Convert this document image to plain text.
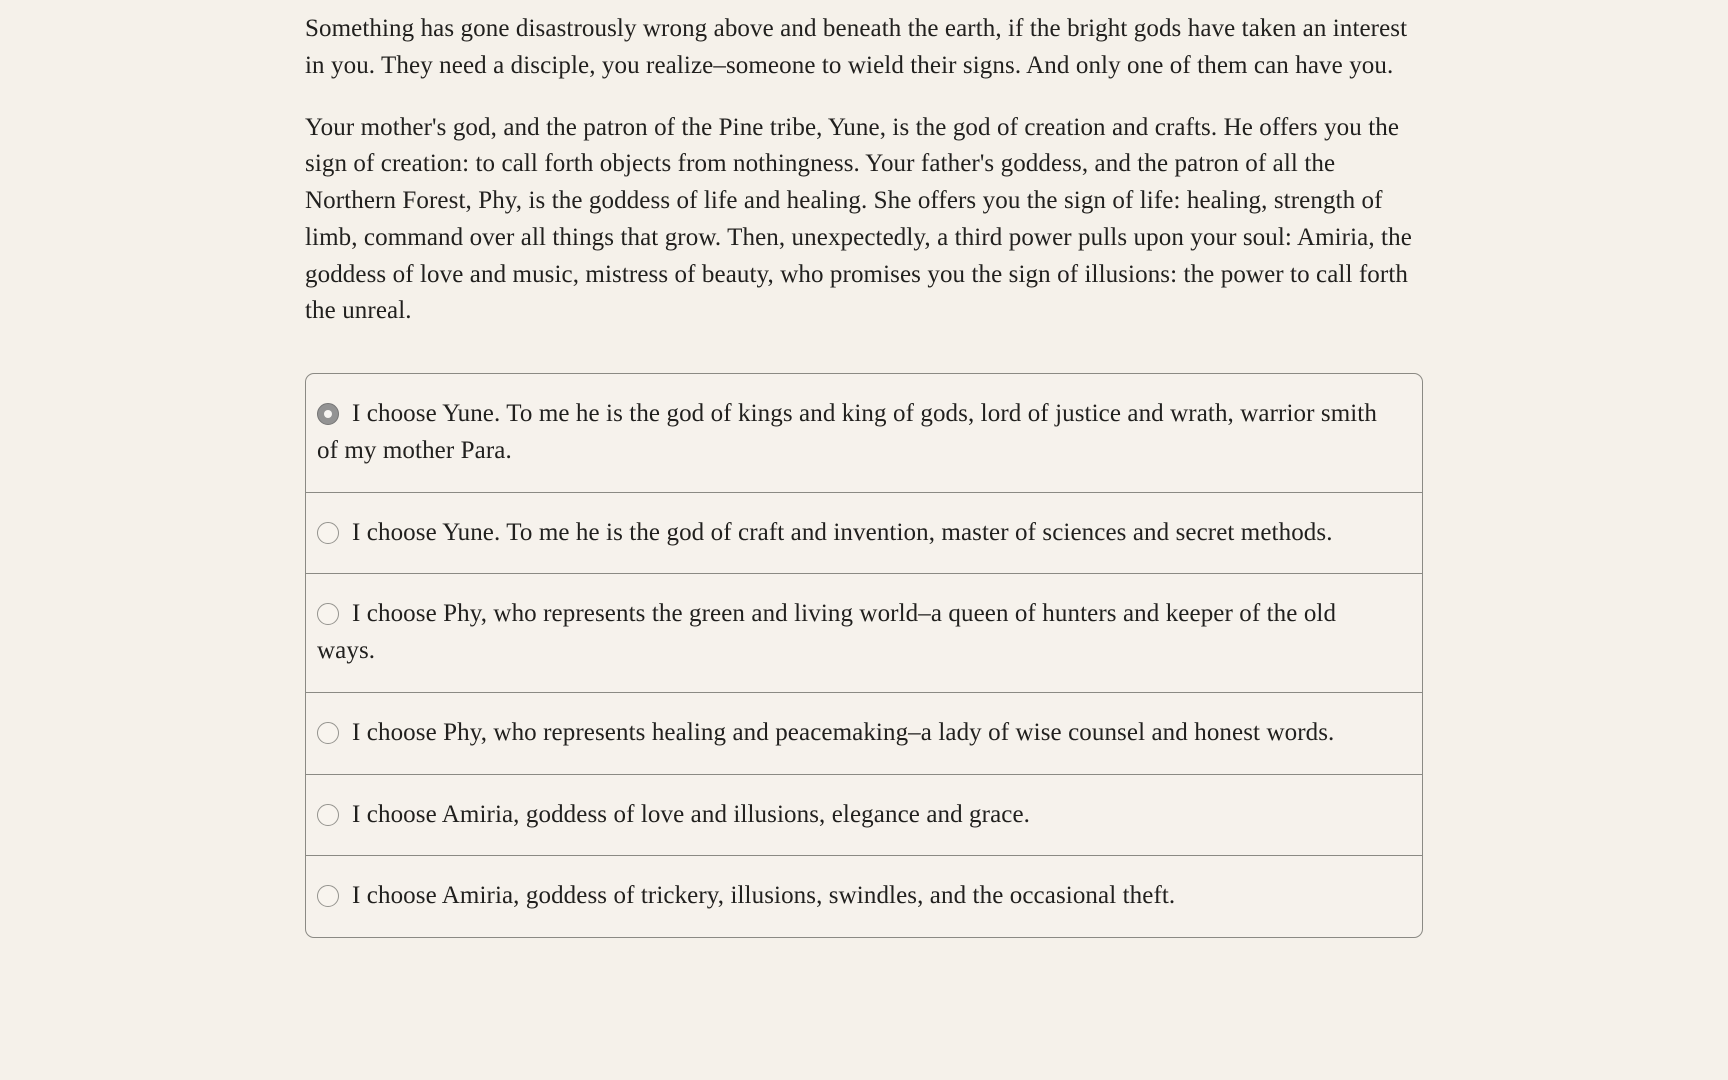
Something has gone disastrously wrong above and beneath the earth, if the bright gods have taken an interest in you. They need a disciple, you realize–someone to wield their signs. And only one of them can have you.

Your mother's god, and the patron of the Pine tribe, Yune, is the god of creation and crafts. He offers you the sign of creation: to call forth objects from nothingness. Your father's goddess, and the patron of all the Northern Forest, Phy, is the goddess of life and healing. She offers you the sign of life: healing, strength of limb, command over all things that grow. Then, unexpectedly, a third power pulls upon your soul: Amiria, the goddess of love and music, mistress of beauty, who promises you the sign of illusions: the power to call forth the unreal.

I choose Yune. To me he is the god of kings and king of gods, lord of justice and wrath, warrior smith of my mother Para.
I choose Yune. To me he is the god of craft and invention, master of sciences and secret methods.
I choose Phy, who represents the green and living world–a queen of hunters and keeper of the old ways.
I choose Phy, who represents healing and peacemaking–a lady of wise counsel and honest words.
I choose Amiria, goddess of love and illusions, elegance and grace.
I choose Amiria, goddess of trickery, illusions, swindles, and the occasional theft.
